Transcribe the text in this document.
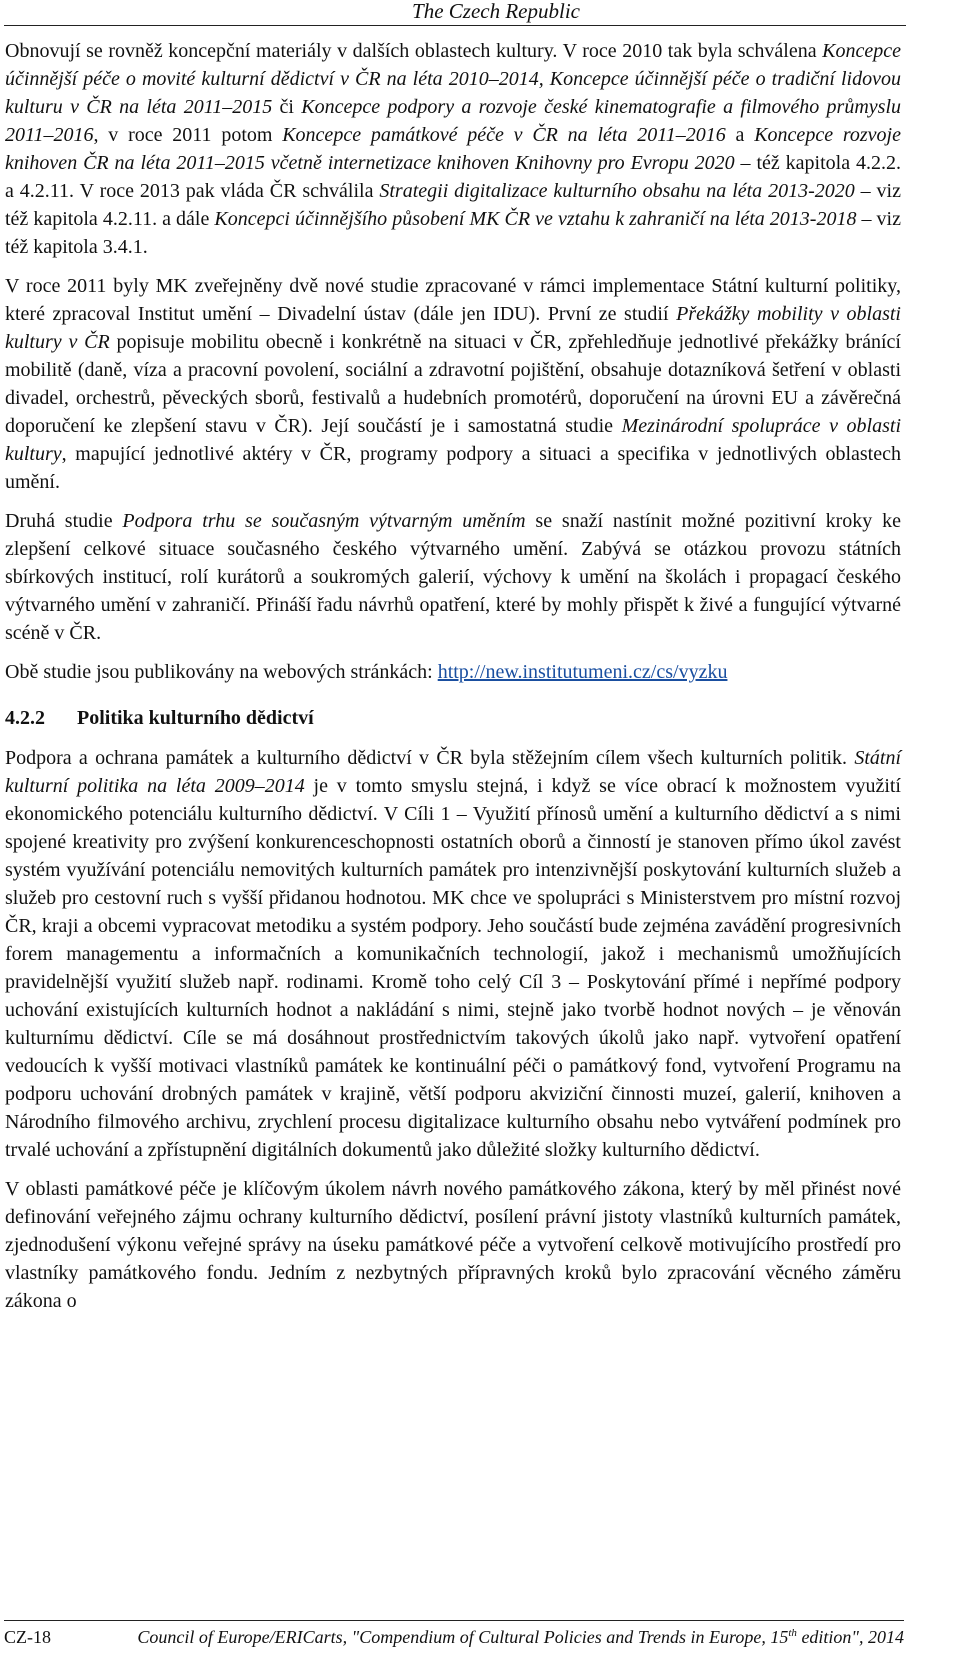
The Czech Republic

Obnovují se rovněž koncepční materiály v dalších oblastech kultury. V roce 2010 tak byla schválena Koncepce účinnější péče o movité kulturní dědictví v ČR na léta 2010–2014, Koncepce účinnější péče o tradiční lidovou kulturu v ČR na léta 2011–2015 či Koncepce podpory a rozvoje české kinematografie a filmového průmyslu 2011–2016, v roce 2011 potom Koncepce památkové péče v ČR na léta 2011–2016 a Koncepce rozvoje knihoven ČR na léta 2011–2015 včetně internetizace knihoven Knihovny pro Evropu 2020 – též kapitola 4.2.2. a 4.2.11. V roce 2013 pak vláda ČR schválila Strategii digitalizace kulturního obsahu na léta 2013-2020 – viz též kapitola 4.2.11. a dále Koncepci účinnějšího působení MK ČR ve vztahu k zahraničí na léta 2013-2018 – viz též kapitola 3.4.1.

V roce 2011 byly MK zveřejněny dvě nové studie zpracované v rámci implementace Státní kulturní politiky, které zpracoval Institut umění – Divadelní ústav (dále jen IDU). První ze studií Překážky mobility v oblasti kultury v ČR popisuje mobilitu obecně i konkrétně na situaci v ČR, zpřehledňuje jednotlivé překážky bránící mobilitě (daně, víza a pracovní povolení, sociální a zdravotní pojištění, obsahuje dotazníková šetření v oblasti divadel, orchestrů, pěveckých sborů, festivalů a hudebních promotérů, doporučení na úrovni EU a závěrečná doporučení ke zlepšení stavu v ČR). Její součástí je i samostatná studie Mezinárodní spolupráce v oblasti kultury, mapující jednotlivé aktéry v ČR, programy podpory a situaci a specifika v jednotlivých oblastech umění.

Druhá studie Podpora trhu se současným výtvarným uměním se snaží nastínit možné pozitivní kroky ke zlepšení celkové situace současného českého výtvarného umění. Zabývá se otázkou provozu státních sbírkových institucí, rolí kurátorů a soukromých galerií, výchovy k umění na školách i propagací českého výtvarného umění v zahraničí. Přináší řadu návrhů opatření, které by mohly přispět k živé a fungující výtvarné scéně v ČR.

Obě studie jsou publikovány na webových stránkách: http://new.institutumeni.cz/cs/vyzku

4.2.2 Politika kulturního dědictví

Podpora a ochrana památek a kulturního dědictví v ČR byla stěžejním cílem všech kulturních politik. Státní kulturní politika na léta 2009–2014 je v tomto smyslu stejná, i když se více obrací k možnostem využití ekonomického potenciálu kulturního dědictví. V Cíli 1 – Využití přínosů umění a kulturního dědictví a s nimi spojené kreativity pro zvýšení konkurenceschopnosti ostatních oborů a činností je stanoven přímo úkol zavést systém využívání potenciálu nemovitých kulturních památek pro intenzivnější poskytování kulturních služeb a služeb pro cestovní ruch s vyšší přidanou hodnotou. MK chce ve spolupráci s Ministerstvem pro místní rozvoj ČR, kraji a obcemi vypracovat metodiku a systém podpory. Jeho součástí bude zejména zavádění progresivních forem managementu a informačních a komunikačních technologií, jakož i mechanismů umožňujících pravidelnější využití služeb např. rodinami. Kromě toho celý Cíl 3 – Poskytování přímé i nepřímé podpory uchování existujících kulturních hodnot a nakládání s nimi, stejně jako tvorbě hodnot nových – je věnován kulturnímu dědictví. Cíle se má dosáhnout prostřednictvím takových úkolů jako např. vytvoření opatření vedoucích k vyšší motivaci vlastníků památek ke kontinuální péči o památkový fond, vytvoření Programu na podporu uchování drobných památek v krajině, větší podporu akviziční činnosti muzeí, galerií, knihoven a Národního filmového archivu, zrychlení procesu digitalizace kulturního obsahu nebo vytváření podmínek pro trvalé uchování a zpřístupnění digitálních dokumentů jako důležité složky kulturního dědictví.

V oblasti památkové péče je klíčovým úkolem návrh nového památkového zákona, který by měl přinést nové definování veřejného zájmu ochrany kulturního dědictví, posílení právní jistoty vlastníků kulturních památek, zjednodušení výkonu veřejné správy na úseku památkové péče a vytvoření celkově motivujícího prostředí pro vlastníky památkového fondu. Jedním z nezbytných přípravných kroků bylo zpracování věcného záměru zákona o

CZ-18	Council of Europe/ERICarts, "Compendium of Cultural Policies and Trends in Europe, 15th edition", 2014
